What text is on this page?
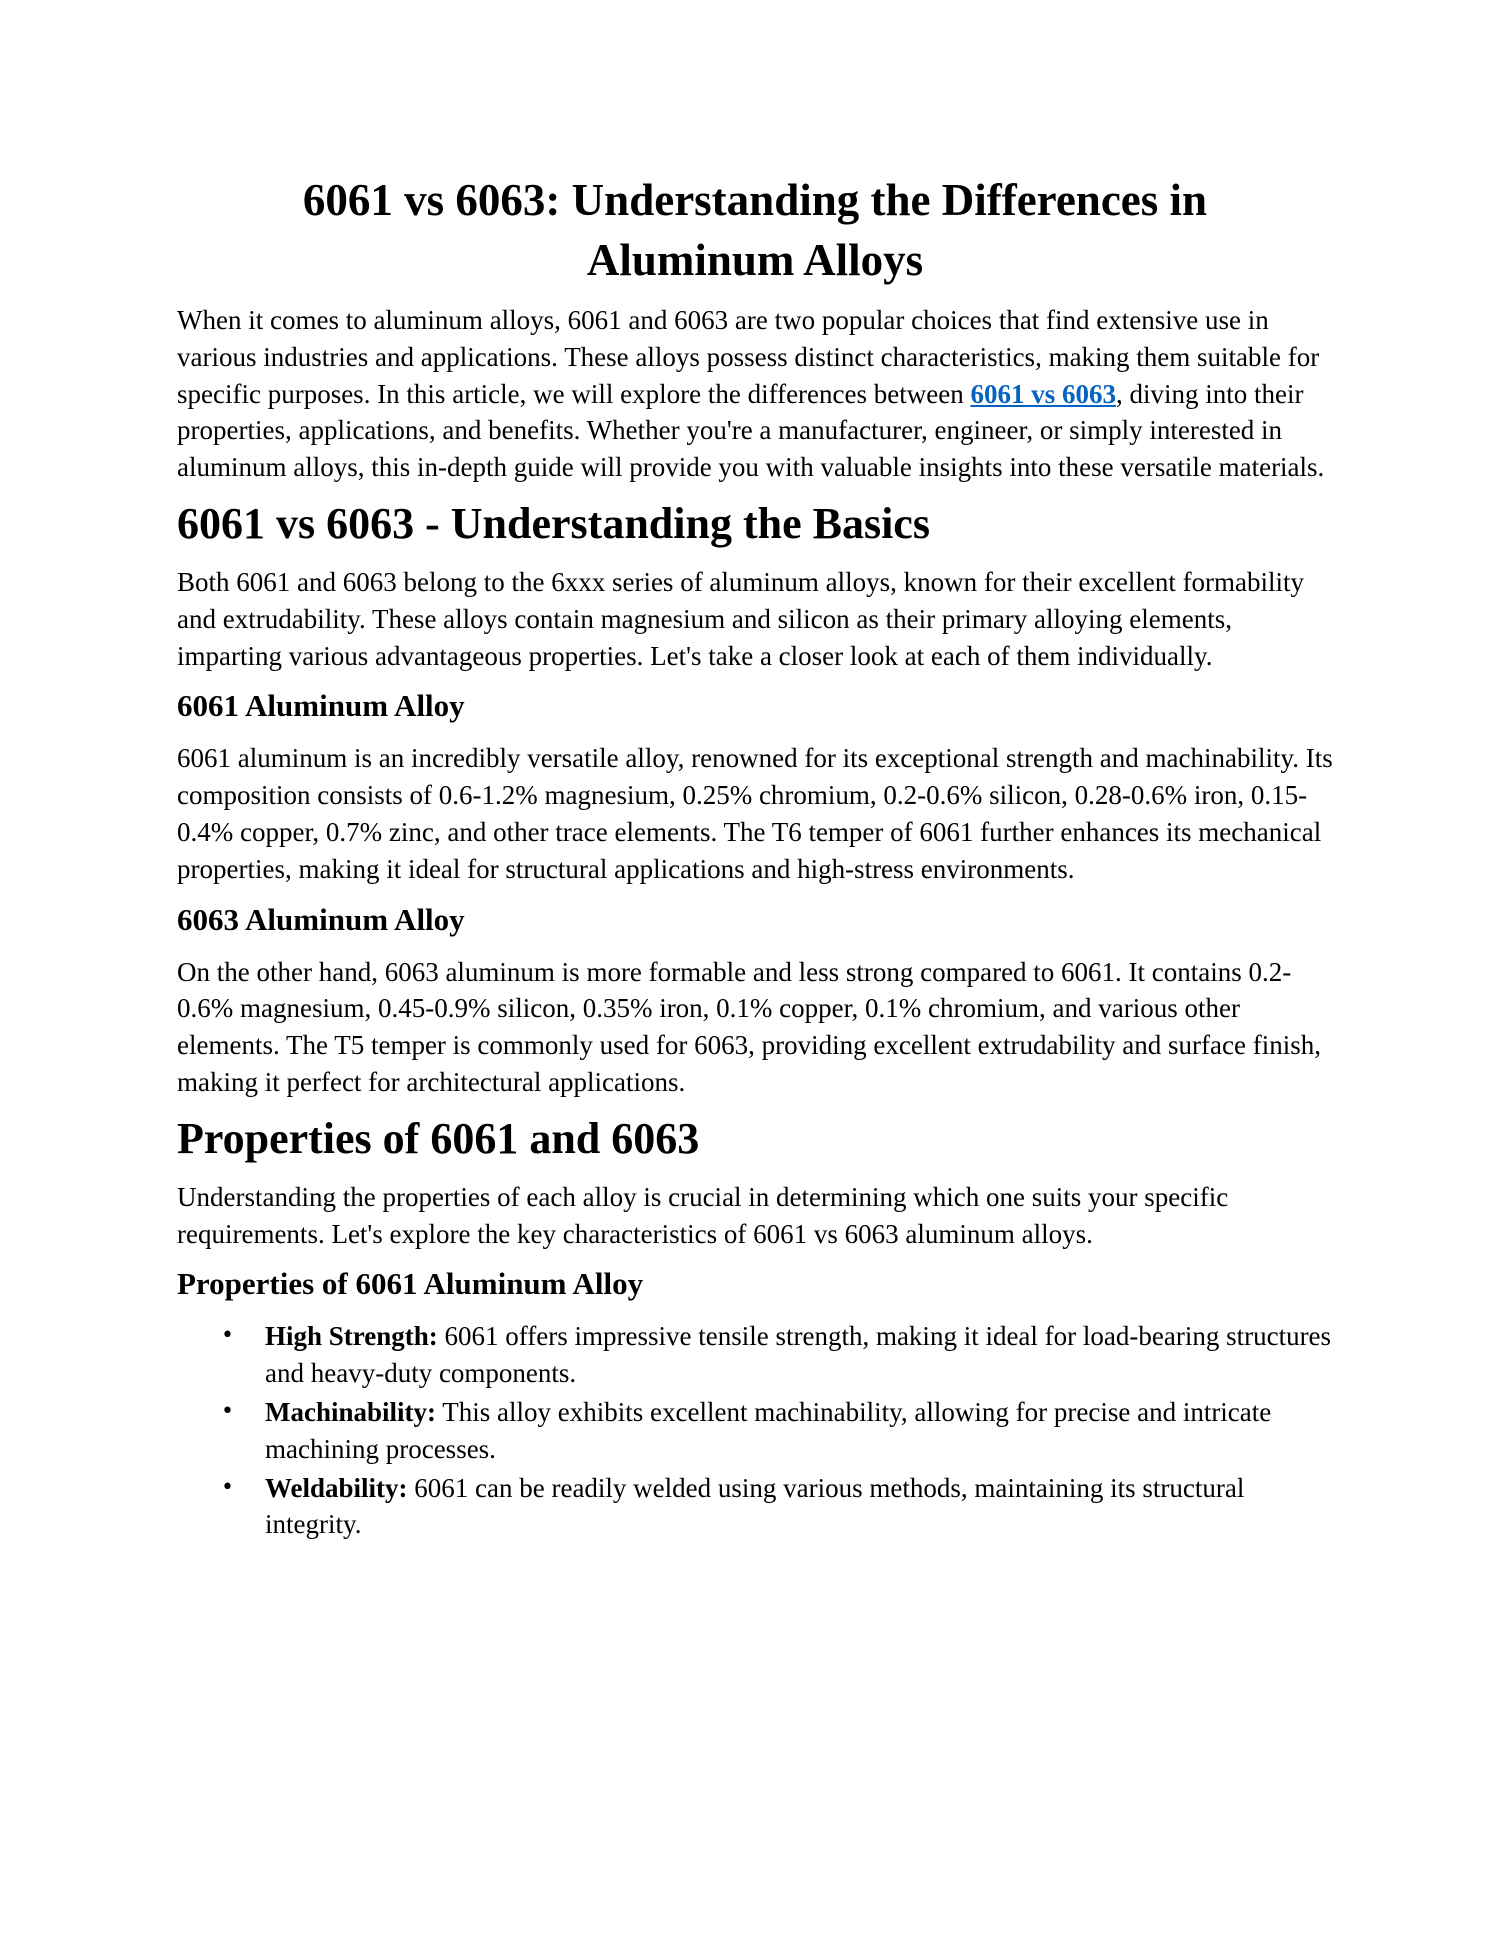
6061 vs 6063: Understanding the Differences in Aluminum Alloys

When it comes to aluminum alloys, 6061 and 6063 are two popular choices that find extensive use in various industries and applications. These alloys possess distinct characteristics, making them suitable for specific purposes. In this article, we will explore the differences between 6061 vs 6063, diving into their properties, applications, and benefits. Whether you're a manufacturer, engineer, or simply interested in aluminum alloys, this in-depth guide will provide you with valuable insights into these versatile materials.

6061 vs 6063 - Understanding the Basics

Both 6061 and 6063 belong to the 6xxx series of aluminum alloys, known for their excellent formability and extrudability. These alloys contain magnesium and silicon as their primary alloying elements, imparting various advantageous properties. Let's take a closer look at each of them individually.

6061 Aluminum Alloy

6061 aluminum is an incredibly versatile alloy, renowned for its exceptional strength and machinability. Its composition consists of 0.6-1.2% magnesium, 0.25% chromium, 0.2-0.6% silicon, 0.28-0.6% iron, 0.15-0.4% copper, 0.7% zinc, and other trace elements. The T6 temper of 6061 further enhances its mechanical properties, making it ideal for structural applications and high-stress environments.

6063 Aluminum Alloy

On the other hand, 6063 aluminum is more formable and less strong compared to 6061. It contains 0.2-0.6% magnesium, 0.45-0.9% silicon, 0.35% iron, 0.1% copper, 0.1% chromium, and various other elements. The T5 temper is commonly used for 6063, providing excellent extrudability and surface finish, making it perfect for architectural applications.

Properties of 6061 and 6063

Understanding the properties of each alloy is crucial in determining which one suits your specific requirements. Let's explore the key characteristics of 6061 vs 6063 aluminum alloys.

Properties of 6061 Aluminum Alloy
• High Strength: 6061 offers impressive tensile strength, making it ideal for load-bearing structures and heavy-duty components.
• Machinability: This alloy exhibits excellent machinability, allowing for precise and intricate machining processes.
• Weldability: 6061 can be readily welded using various methods, maintaining its structural integrity.
